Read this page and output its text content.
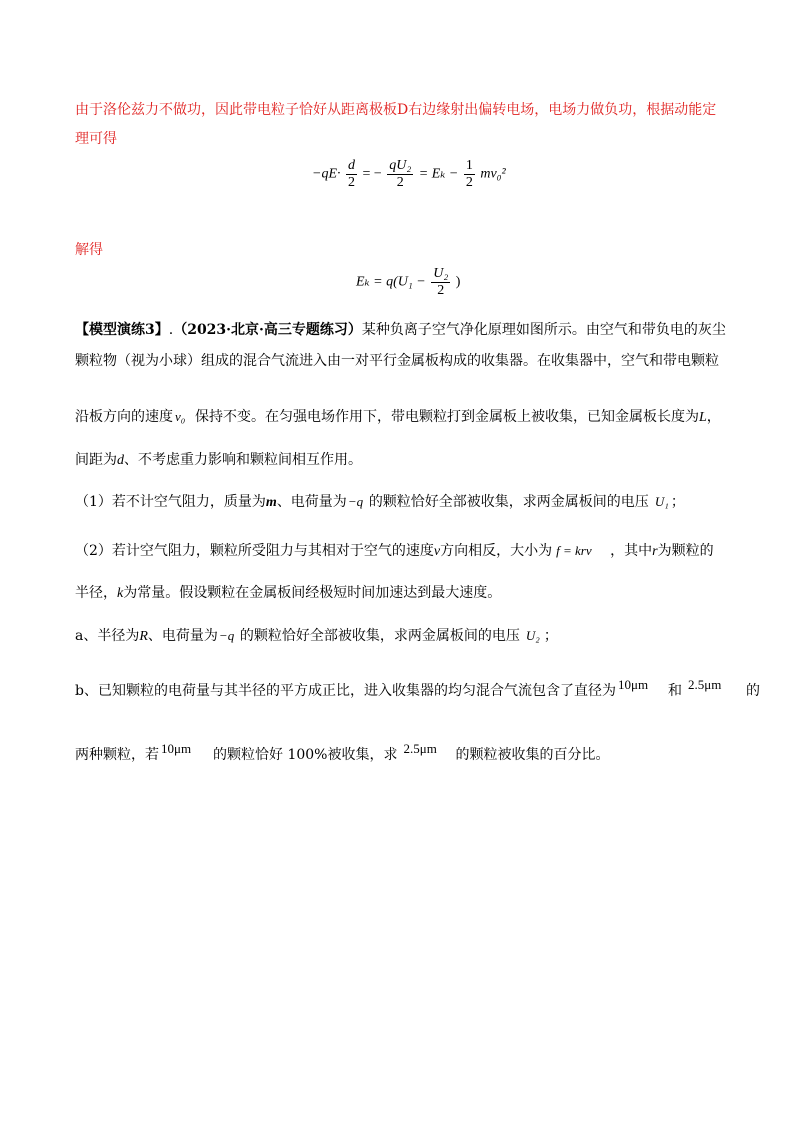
由于洛伦兹力不做功，因此带电粒子恰好从距离极板D右边缘射出偏转电场，电场力做负功，根据动能定
理可得
$-qE\cdot \frac{d}{2}$ = − $\frac{\text{qU₂}}{2} = E_k - \frac{1}{2} mv_0^2$
解得
$E_k = q(U_1 - \frac{\text{U₂}}{2}$ )
【模型演练3】.（2023·北京·高三专题练习）某种负离子空气净化原理如图所示。由空气和带负电的灰尘
颗粒物（视为小球）组成的混合气流进入由一对平行金属板构成的收集器。在收集器中，空气和带电颗粒
沿板方向的速度 v₀ 保持不变。在匀强电场作用下，带电颗粒打到金属板上被收集，已知金属板长度为L，
间距为d、不考虑重力影响和颗粒间相互作用。
（1）若不计空气阻力，质量为m、电荷量为 −q 的颗粒恰好全部被收集，求两金属板间的电压 U₁ ；
（2）若计空气阻力，颗粒所受阻力与其相对于空气的速度v方向相反，大小为 f = krv ，其中r为颗粒的
半径，k为常量。假设颗粒在金属板间经极短时间加速达到最大速度。
a、半径为R、电荷量为 −q 的颗粒恰好全部被收集，求两金属板间的电压 U₂ ；
b、已知颗粒的电荷量与其半径的平方成正比，进入收集器的均匀混合气流包含了直径为 10μm 和 2.5μm 的
两种颗粒，若 10μm 的颗粒恰好 100%被收集，求 2.5μm 的颗粒被收集的百分比。
